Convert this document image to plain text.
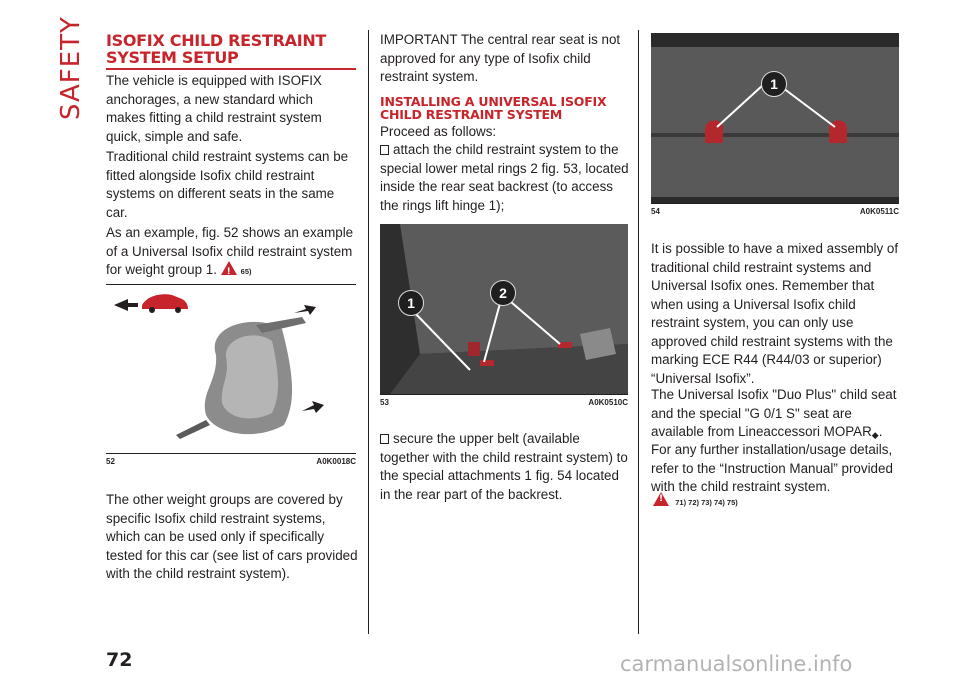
SAFETY ISOFIX CHILD RESTRAINT SYSTEM SETUP

The vehicle is equipped with ISOFIX anchorages, a new standard which makes fitting a child restraint system quick, simple and safe.

Traditional child restraint systems can be fitted alongside Isofix child restraint systems on different seats in the same car.

As an example, fig. 52 shows an example of a Universal Isofix child restraint system for weight group 1. !	65)

52	A0K0018C

The other weight groups are covered by specific Isofix child restraint systems, which can be used only if specifically tested for this car (see list of cars provided with the child restraint system).

IMPORTANT The central rear seat is not approved for any type of Isofix child restraint system.

INSTALLING A UNIVERSAL ISOFIX CHILD RESTRAINT SYSTEM

Proceed as follows:

attach the child restraint system to the special lower metal rings 2 fig. 53, located inside the rear seat backrest (to access the rings lift hinge 1);

1
2
53	A0K0510C

secure the upper belt (available together with the child restraint system) to the special attachments 1 fig. 54 located in the rear part of the backrest.

1
54	A0K0511C

It is possible to have a mixed assembly of traditional child restraint systems and Universal Isofix ones. Remember that when using a Universal Isofix child restraint system, you can only use approved child restraint systems with the marking ECE R44 (R44/03 or superior) “Universal Isofix”.

The Universal Isofix "Duo Plus" child seat and the special "G 0/1 S" seat are available from Lineaccessori MOPAR◆.

For any further installation/usage details, refer to the “Instruction Manual” provided with the child restraint system.

! 71) 72) 73) 74) 75)
72	carmanualsonline.info
